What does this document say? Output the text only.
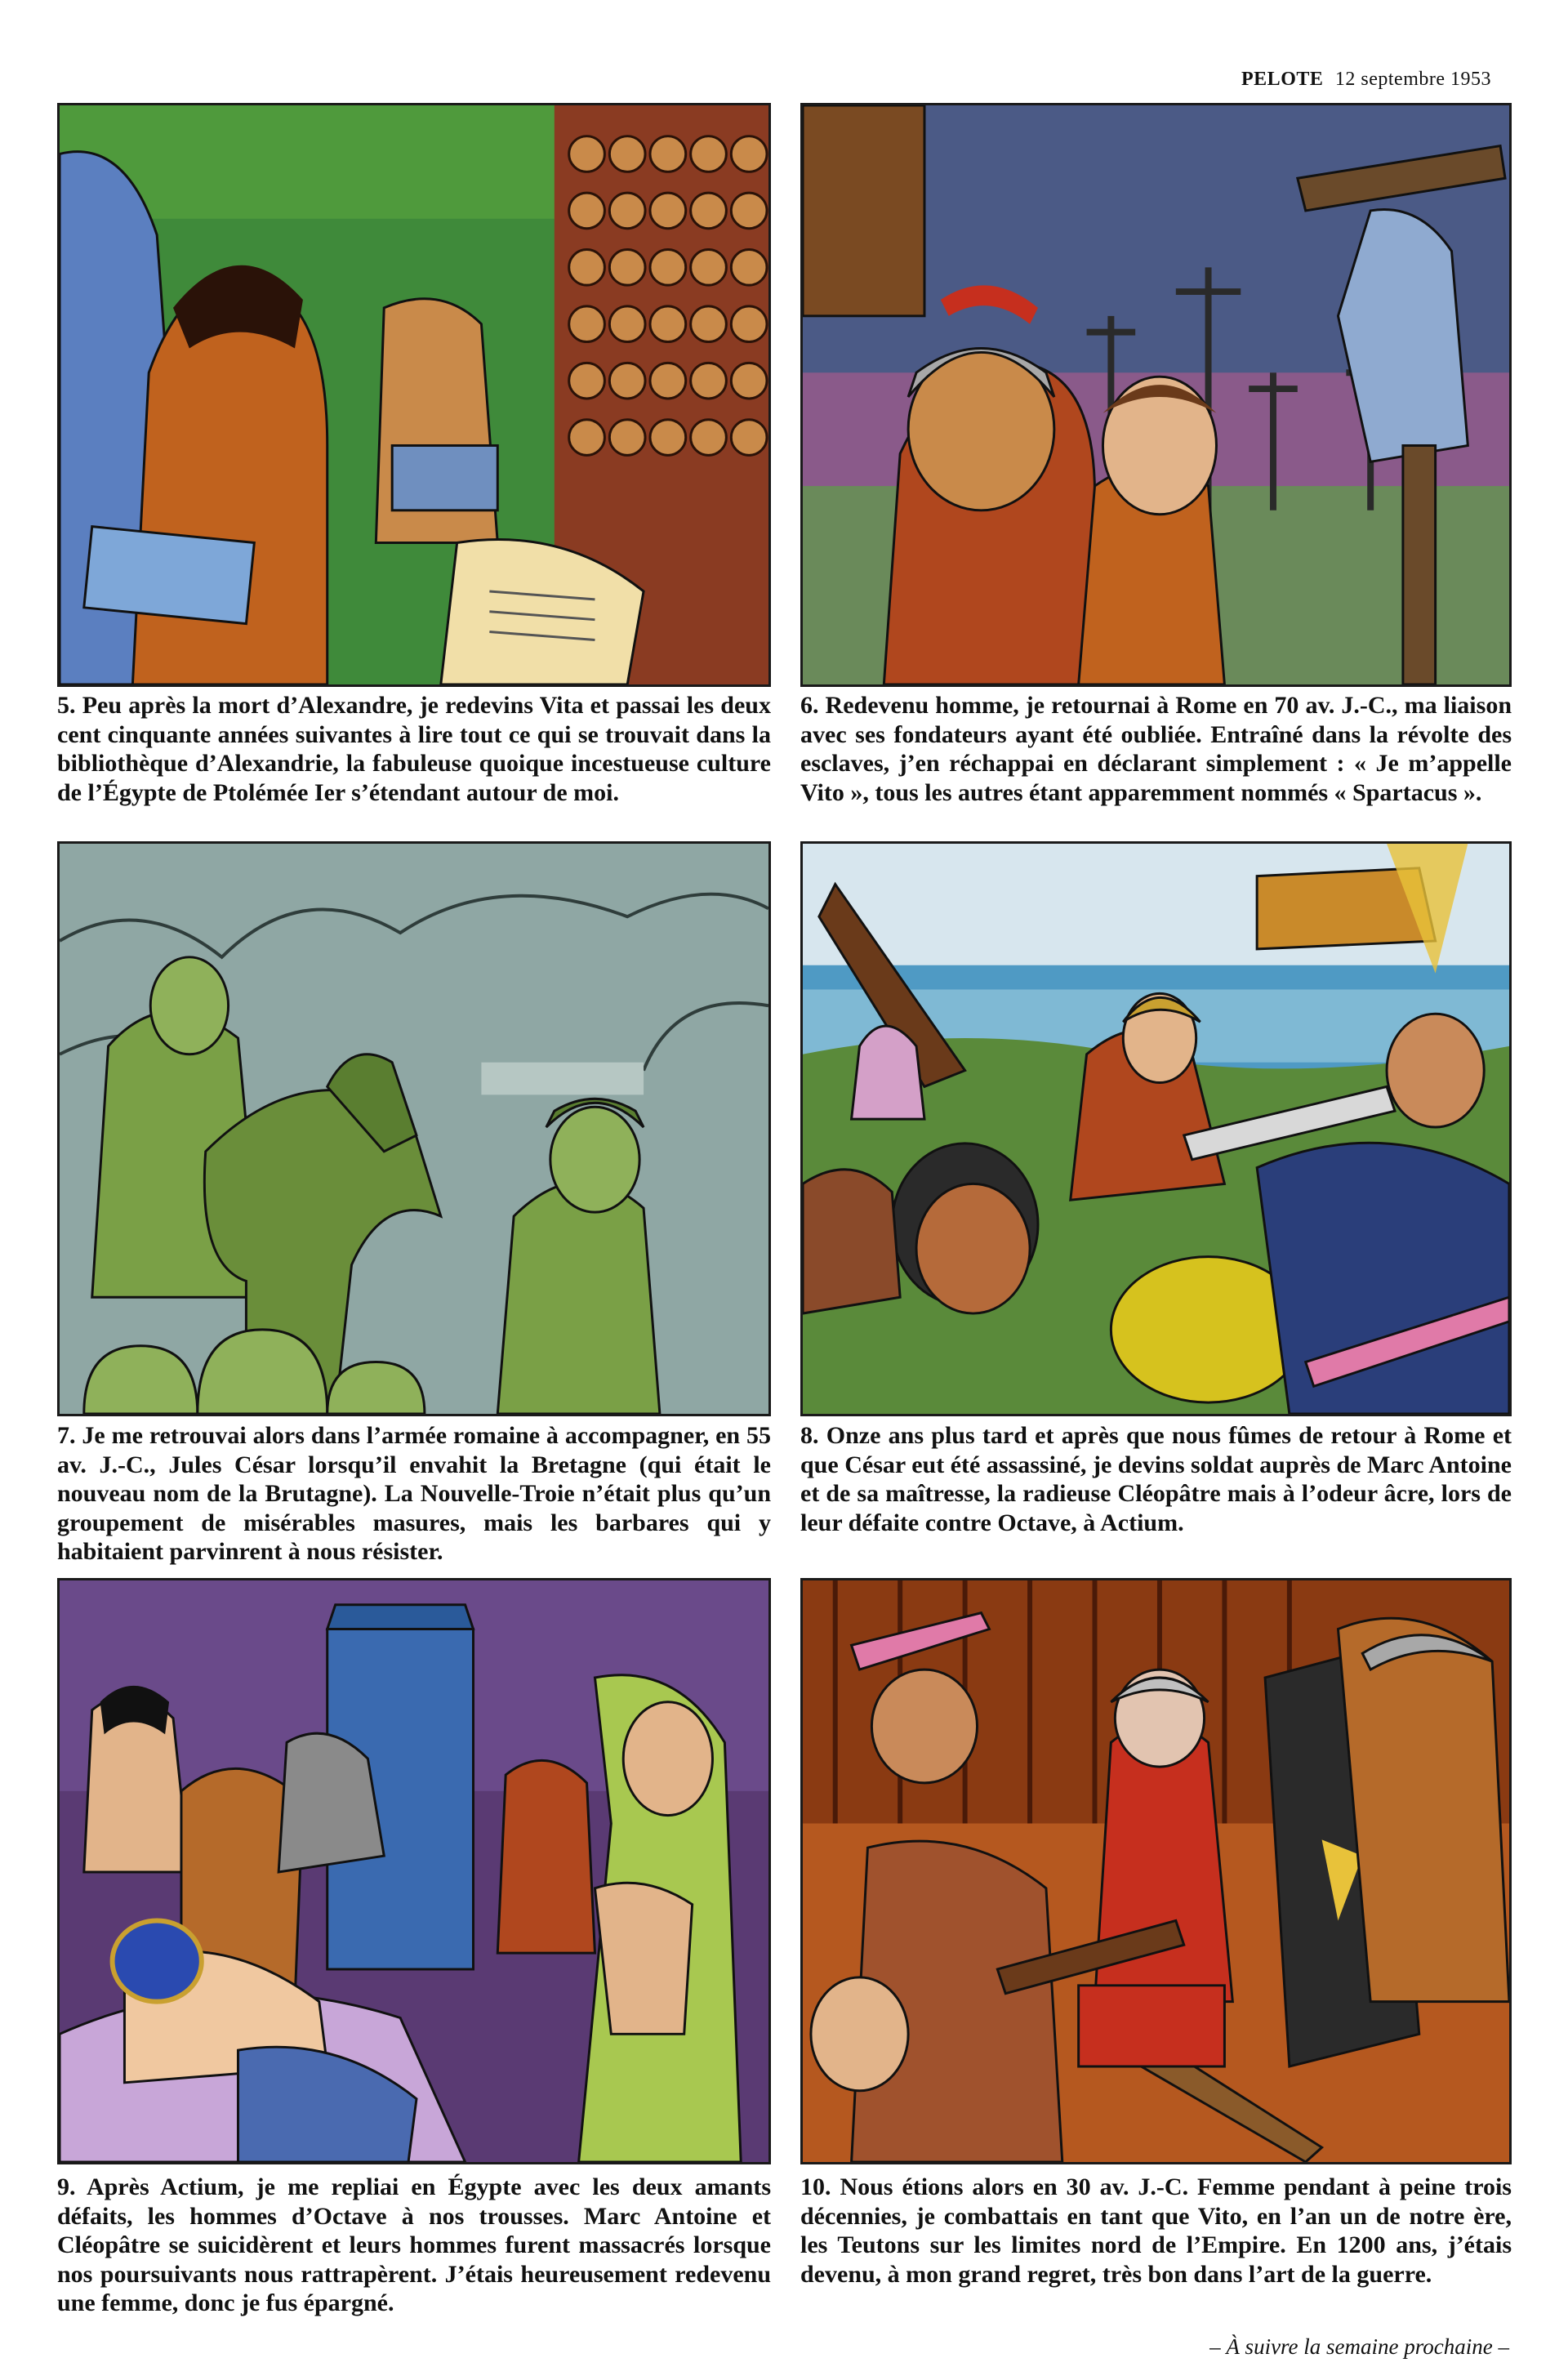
PELOTE 12 septembre 1953
5. Peu après la mort d’Alexandre, je redevins Vita et passai les deux cent cinquante années suivantes à lire tout ce qui se trouvait dans la bibliothèque d’Alexandrie, la fabuleuse quoique incestueuse culture de l’Égypte de Ptolémée Ier s’étendant autour de moi.
6. Redevenu homme, je retournai à Rome en 70 av. J.-C., ma liaison avec ses fondateurs ayant été oubliée. Entraîné dans la révolte des esclaves, j’en réchappai en déclarant simplement : « Je m’appelle Vito », tous les autres étant apparemment nommés « Spartacus ».
7. Je me retrouvai alors dans l’armée romaine à accompagner, en 55 av. J.-C., Jules César lorsqu’il envahit la Bretagne (qui était le nouveau nom de la Brutagne). La Nouvelle-Troie n’était plus qu’un groupement de misérables masures, mais les barbares qui y habitaient parvinrent à nous résister.
8. Onze ans plus tard et après que nous fûmes de retour à Rome et que César eut été assassiné, je devins soldat auprès de Marc Antoine et de sa maîtresse, la radieuse Cléopâtre mais à l’odeur âcre, lors de leur défaite contre Octave, à Actium.
9. Après Actium, je me repliai en Égypte avec les deux amants défaits, les hommes d’Octave à nos trousses. Marc Antoine et Cléopâtre se suicidèrent et leurs hommes furent massacrés lorsque nos poursuivants nous rattrapèrent. J’étais heureusement redevenu une femme, donc je fus épargné.
10. Nous étions alors en 30 av. J.-C. Femme pendant à peine trois décennies, je combattais en tant que Vito, en l’an un de notre ère, les Teutons sur les limites nord de l’Empire. En 1200 ans, j’étais devenu, à mon grand regret, très bon dans l’art de la guerre.
– À suivre la semaine prochaine –
